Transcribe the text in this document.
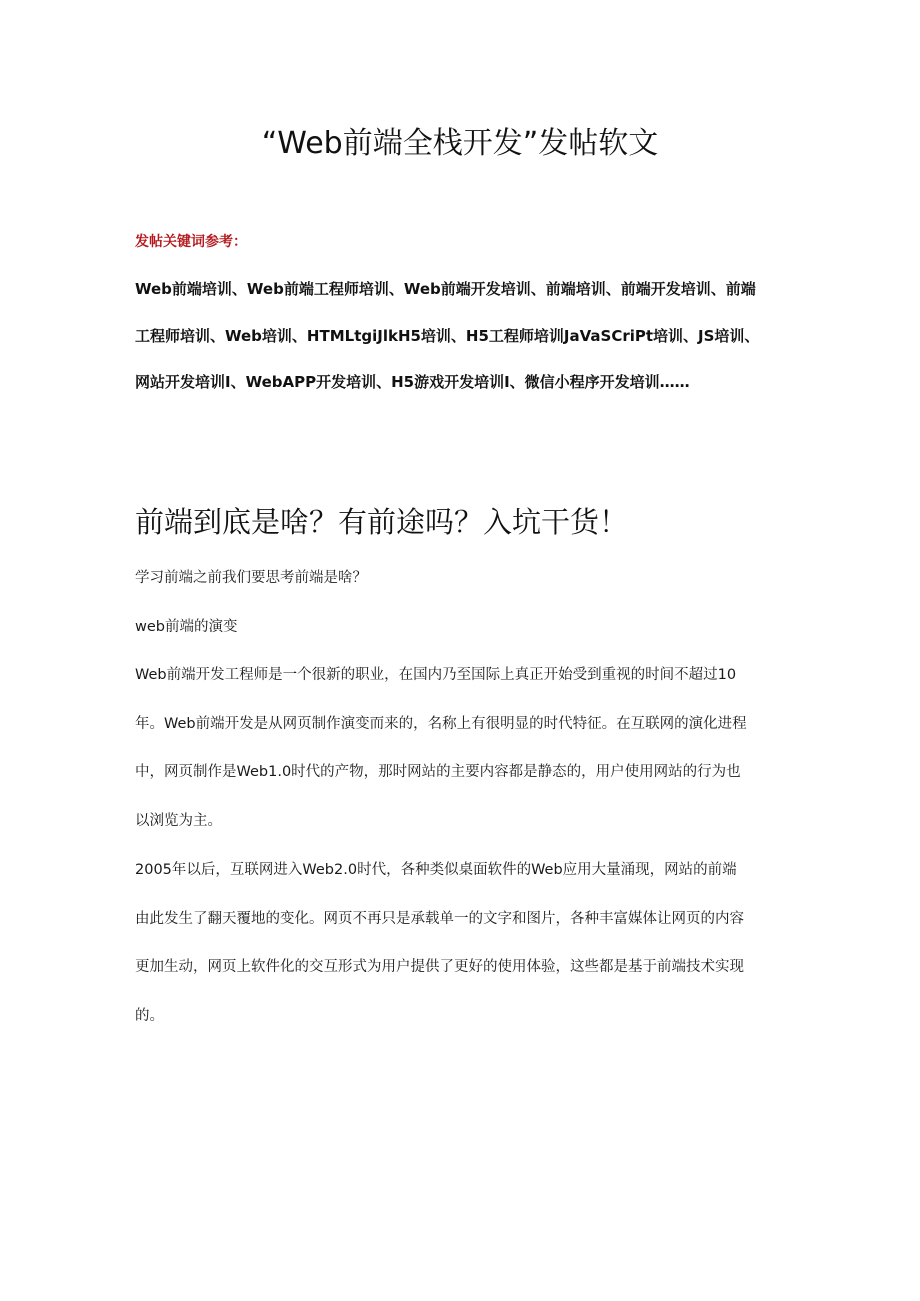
“Web前端全栈开发”发帖软文
发帖关键词参考：
Web前端培训、Web前端工程师培训、Web前端开发培训、前端培训、前端开发培训、前端
工程师培训、Web培训、HTMLtgiJlkH5培训、H5工程师培训JaVaSCriPt培训、JS培训、
网站开发培训I、WebAPP开发培训、H5游戏开发培训I、微信小程序开发培训……
前端到底是啥？有前途吗？入坑干货！
学习前端之前我们要思考前端是啥？
web前端的演变
Web前端开发工程师是一个很新的职业，在国内乃至国际上真正开始受到重视的时间不超过10
年。Web前端开发是从网页制作演变而来的，名称上有很明显的时代特征。在互联网的演化进程
中，网页制作是Web1.0时代的产物，那时网站的主要内容都是静态的，用户使用网站的行为也
以浏览为主。
2005年以后，互联网进入Web2.0时代，各种类似桌面软件的Web应用大量涌现，网站的前端
由此发生了翻天覆地的变化。网页不再只是承载单一的文字和图片，各种丰富媒体让网页的内容
更加生动，网页上软件化的交互形式为用户提供了更好的使用体验，这些都是基于前端技术实现
的。
